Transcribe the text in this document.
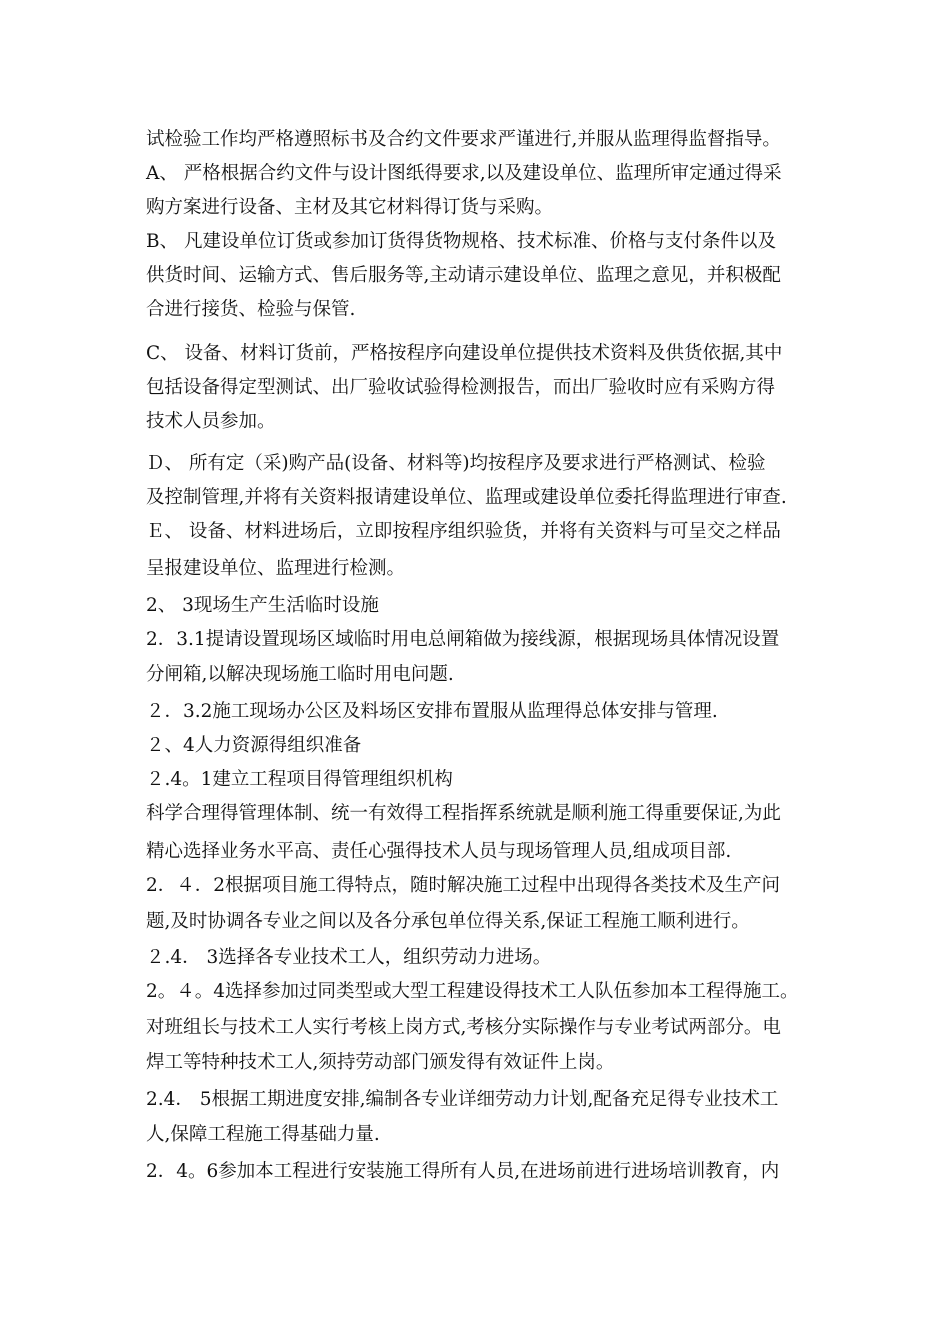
试检验工作均严格遵照标书及合约文件要求严谨进行,并服从监理得监督指导。
A、 严格根据合约文件与设计图纸得要求,以及建设单位、监理所审定通过得采
购方案进行设备、主材及其它材料得订货与采购。
B、 凡建设单位订货或参加订货得货物规格、技术标准、价格与支付条件以及
供货时间、运输方式、售后服务等,主动请示建设单位、监理之意见，并积极配
合进行接货、检验与保管.
C、 设备、材料订货前，严格按程序向建设单位提供技术资料及供货依据,其中
包括设备得定型测试、出厂验收试验得检测报告，而出厂验收时应有采购方得
技术人员参加。
Ｄ、 所有定（采)购产品(设备、材料等)均按程序及要求进行严格测试、检验
及控制管理,并将有关资料报请建设单位、监理或建设单位委托得监理进行审查.
Ｅ、 设备、材料进场后，立即按程序组织验货，并将有关资料与可呈交之样品
呈报建设单位、监理进行检测。
2、 3现场生产生活临时设施
2．3.1提请设置现场区域临时用电总闸箱做为接线源，根据现场具体情况设置
分闸箱,以解决现场施工临时用电问题.
２．3.2施工现场办公区及料场区安排布置服从监理得总体安排与管理.
２、4人力资源得组织准备
２.4。1建立工程项目得管理组织机构
科学合理得管理体制、统一有效得工程指挥系统就是顺利施工得重要保证,为此
精心选择业务水平高、责任心强得技术人员与现场管理人员,组成项目部.
2．４．2根据项目施工得特点，随时解决施工过程中出现得各类技术及生产问
题,及时协调各专业之间以及各分承包单位得关系,保证工程施工顺利进行。
２.4． 3选择各专业技术工人，组织劳动力进场。
2。４。4选择参加过同类型或大型工程建设得技术工人队伍参加本工程得施工。
对班组长与技术工人实行考核上岗方式,考核分实际操作与专业考试两部分。电
焊工等特种技术工人,须持劳动部门颁发得有效证件上岗。
2.4． 5根据工期进度安排,编制各专业详细劳动力计划,配备充足得专业技术工
人,保障工程施工得基础力量.
2．4。6参加本工程进行安装施工得所有人员,在进场前进行进场培训教育，内
